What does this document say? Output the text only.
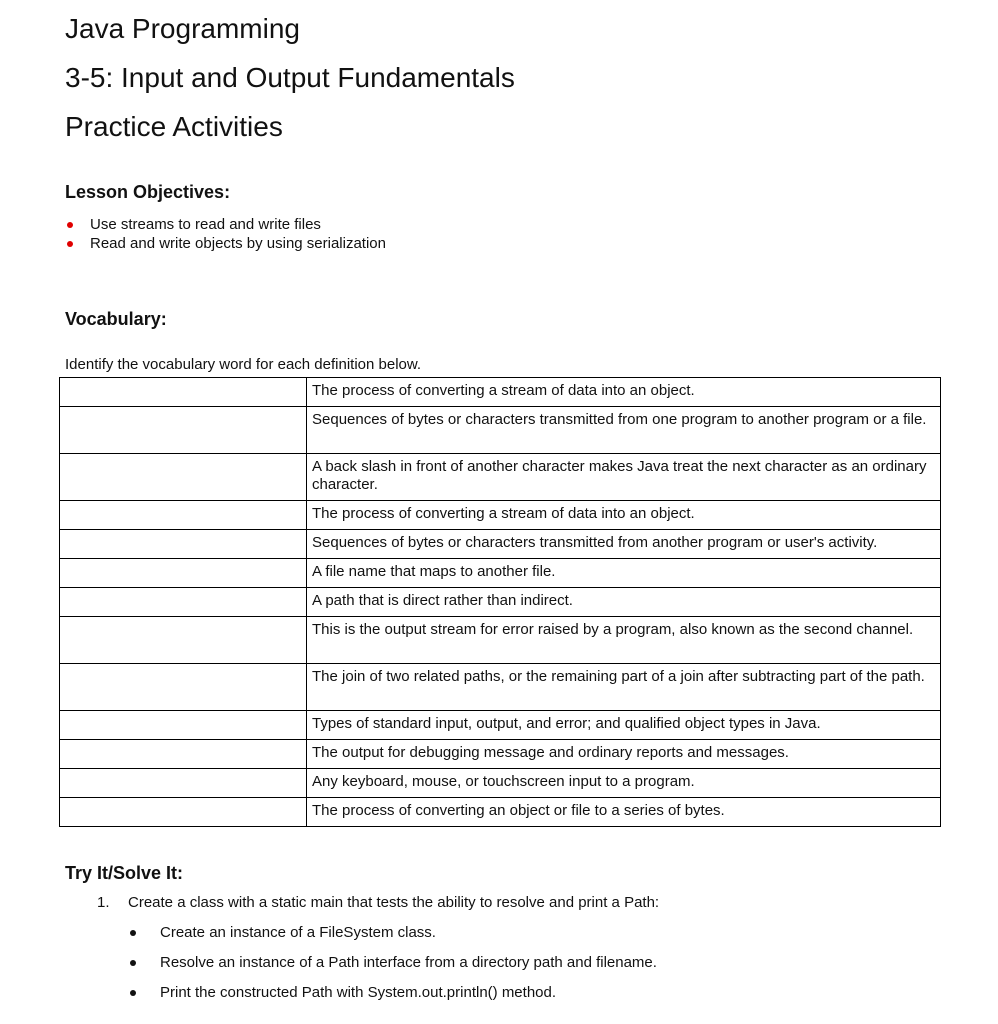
Java Programming
3-5: Input and Output Fundamentals
Practice Activities
Lesson Objectives:
Use streams to read and write files
Read and write objects by using serialization
Vocabulary:

Identify the vocabulary word for each definition below.

	The process of converting a stream of data into an object.
	Sequences of bytes or characters transmitted from one program to another program or a file.
	A back slash in front of another character makes Java treat the next character as an ordinary character.
	The process of converting a stream of data into an object.
	Sequences of bytes or characters transmitted from another program or user's activity.
	A file name that maps to another file.
	A path that is direct rather than indirect.
	This is the output stream for error raised by a program, also known as the second channel.
	The join of two related paths, or the remaining part of a join after subtracting part of the path.
	Types of standard input, output, and error; and qualified object types in Java.
	The output for debugging message and ordinary reports and messages.
	Any keyboard, mouse, or touchscreen input to a program.
	The process of converting an object or file to a series of bytes.
Try It/Solve It:
1. Create a class with a static main that tests the ability to resolve and print a Path:
Create an instance of a FileSystem class.
Resolve an instance of a Path interface from a directory path and filename.
Print the constructed Path with System.out.println() method.
